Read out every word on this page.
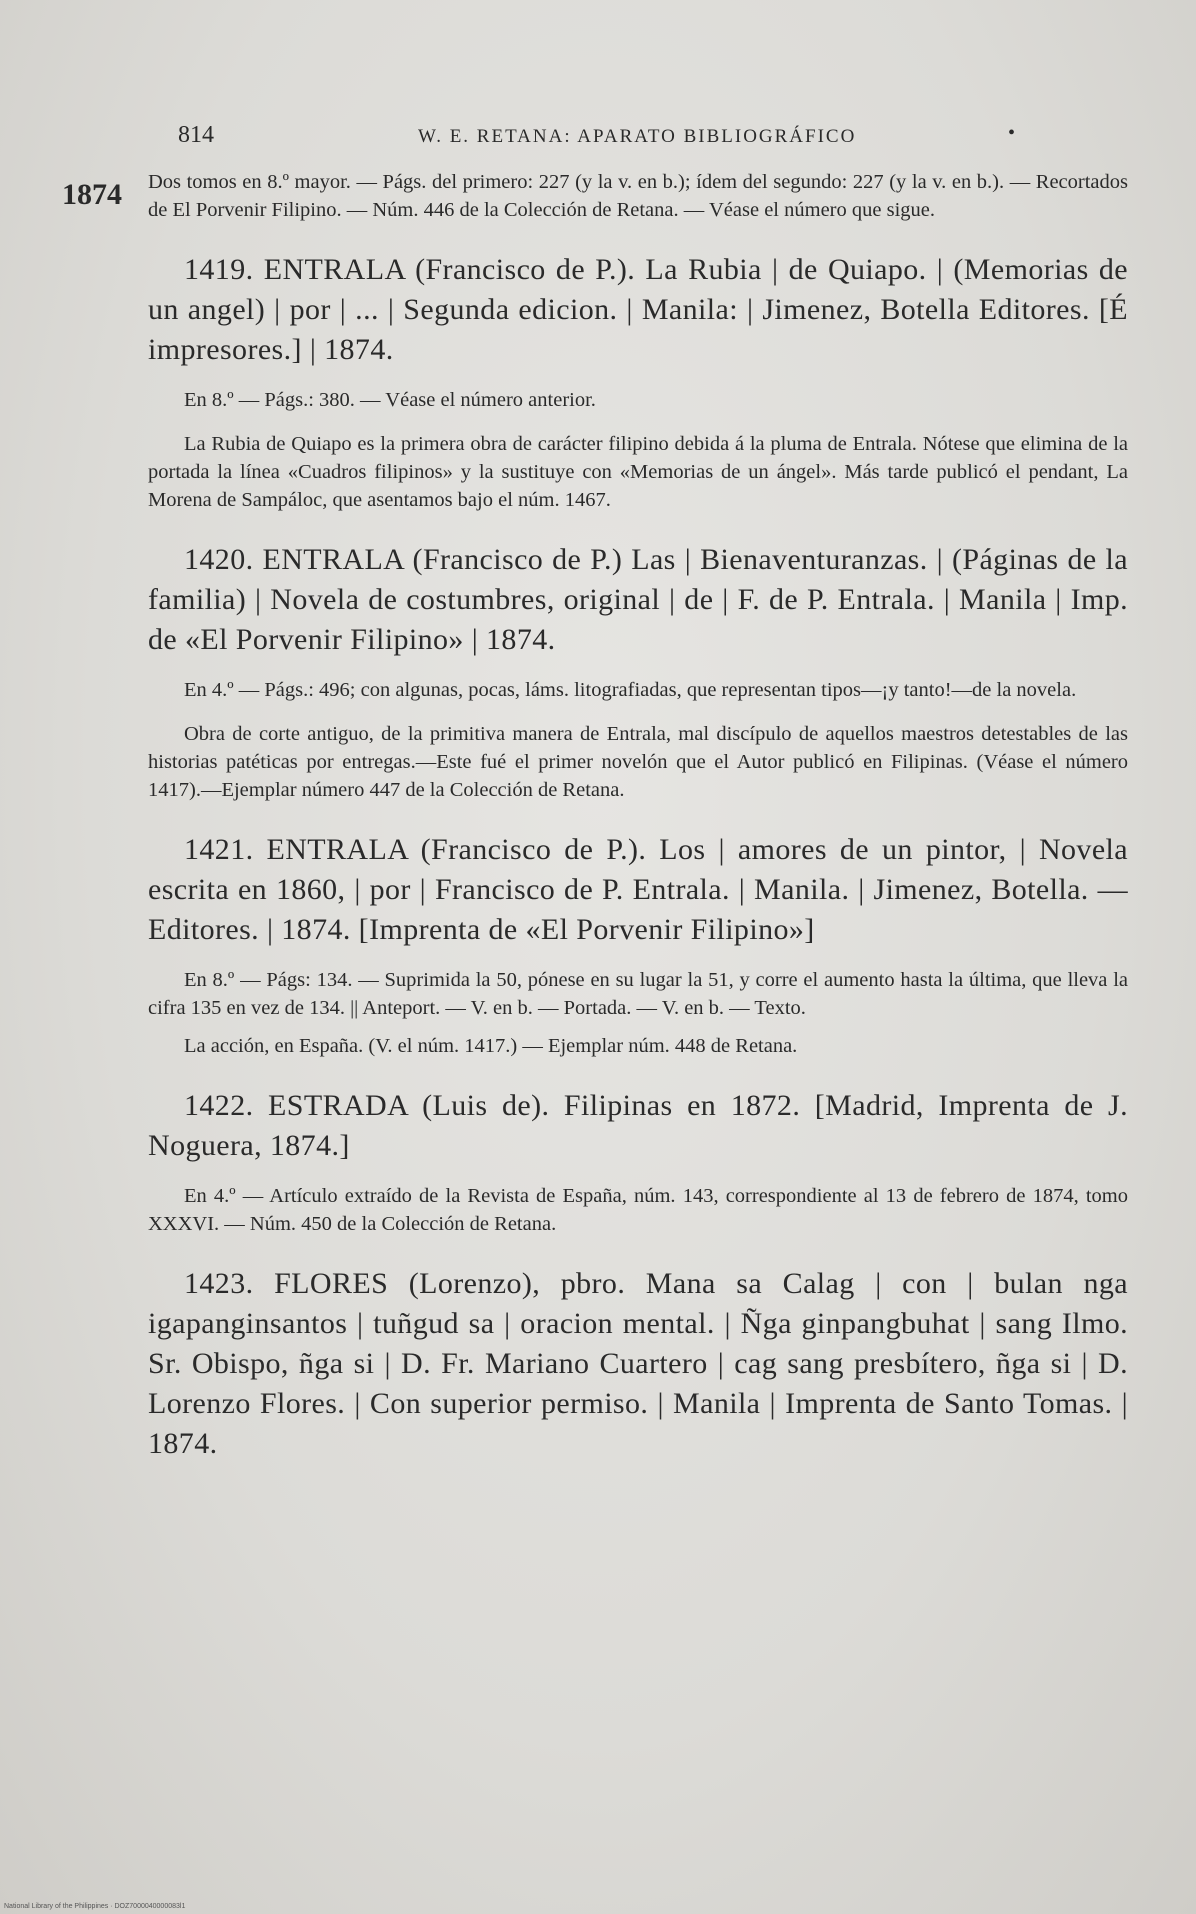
814	W. E. RETANA: APARATO BIBLIOGRÁFICO	•
1874 Dos tomos en 8.º mayor. — Págs. del primero: 227 (y la v. en b.); ídem del segundo: 227 (y la v. en b.). — Recortados de El Porvenir Filipino. — Núm. 446 de la Colección de Retana. — Véase el número que sigue.

1419. ENTRALA (Francisco de P.). La Rubia | de Quiapo. | (Memorias de un angel) | por | ... | Segunda edicion. | Manila: | Jimenez, Botella Editores. [É impresores.] | 1874.

En 8.º — Págs.: 380. — Véase el número anterior.

La Rubia de Quiapo es la primera obra de carácter filipino debida á la pluma de Entrala. Nótese que elimina de la portada la línea «Cuadros filipinos» y la sustituye con «Memorias de un ángel». Más tarde publicó el pendant, La Morena de Sampáloc, que asentamos bajo el núm. 1467.

1420. ENTRALA (Francisco de P.) Las | Bienaventuranzas. | (Páginas de la familia) | Novela de costumbres, original | de | F. de P. Entrala. | Manila | Imp. de «El Porvenir Filipino» | 1874.

En 4.º — Págs.: 496; con algunas, pocas, láms. litografiadas, que representan tipos—¡y tanto!—de la novela.

Obra de corte antiguo, de la primitiva manera de Entrala, mal discípulo de aquellos maestros detestables de las historias patéticas por entregas.—Este fué el primer novelón que el Autor publicó en Filipinas. (Véase el número 1417).—Ejemplar número 447 de la Colección de Retana.

1421. ENTRALA (Francisco de P.). Los | amores de un pintor, | Novela escrita en 1860, | por | Francisco de P. Entrala. | Manila. | Jimenez, Botella. — Editores. | 1874. [Imprenta de «El Porvenir Filipino»]

En 8.º — Págs: 134. — Suprimida la 50, pónese en su lugar la 51, y corre el aumento hasta la última, que lleva la cifra 135 en vez de 134. || Anteport. — V. en b. — Portada. — V. en b. — Texto.

La acción, en España. (V. el núm. 1417.) — Ejemplar núm. 448 de Retana.

1422. ESTRADA (Luis de). Filipinas en 1872. [Madrid, Imprenta de J. Noguera, 1874.]

En 4.º — Artículo extraído de la Revista de España, núm. 143, correspondiente al 13 de febrero de 1874, tomo XXXVI. — Núm. 450 de la Colección de Retana.

1423. FLORES (Lorenzo), pbro. Mana sa Calag | con | bulan nga igapanginsantos | tuñgud sa | oracion mental. | Ñga ginpangbuhat | sang Ilmo. Sr. Obispo, ñga si | D. Fr. Mariano Cuartero | cag sang presbítero, ñga si | D. Lorenzo Flores. | Con superior permiso. | Manila | Imprenta de Santo Tomas. | 1874.

National Library of the Philippines · DOZ7000040000083l1
